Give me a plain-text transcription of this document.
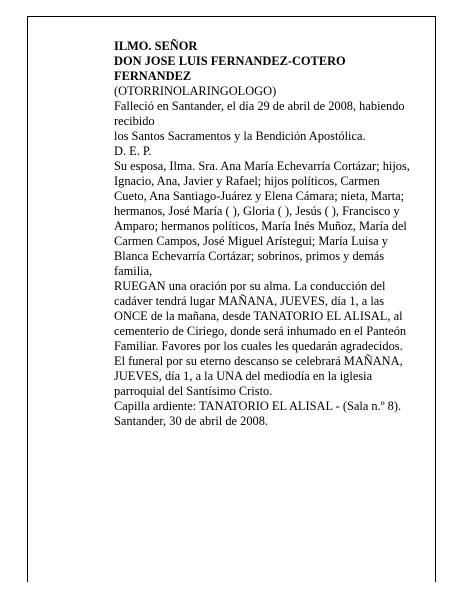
ILMO. SEÑOR

DON JOSE LUIS FERNANDEZ-COTERO FERNANDEZ

(OTORRINOLARINGOLOGO)

Falleció en Santander, el día 29 de abril de 2008, habiendo recibido

los Santos Sacramentos y la Bendición Apostólica.

D. E. P.

Su esposa, Ilma. Sra. Ana María Echevarría Cortázar; hijos, Ignacio, Ana, Javier y Rafael; hijos políticos, Carmen Cueto, Ana Santiago-Juárez y Elena Cámara; nieta, Marta; hermanos, José María ( ), Gloria ( ), Jesús ( ), Francisco y Amparo; hermanos políticos, María Inés Muñoz, María del Carmen Campos, José Miguel Arístegui; María Luisa y Blanca Echevarría Cortázar; sobrinos, primos y demás familia,

RUEGAN una oración por su alma. La conducción del cadáver tendrá lugar MAÑANA, JUEVES, día 1, a las ONCE de la mañana, desde TANATORIO EL ALISAL, al cementerio de Ciriego, donde será inhumado en el Panteón Familiar. Favores por los cuales les quedarán agradecidos. El funeral por su eterno descanso se celebrará MAÑANA, JUEVES, día 1, a la UNA del mediodía en la iglesia parroquial del Santísimo Cristo.

Capilla ardiente: TANATORIO EL ALISAL - (Sala n.º 8).

Santander, 30 de abril de 2008.
